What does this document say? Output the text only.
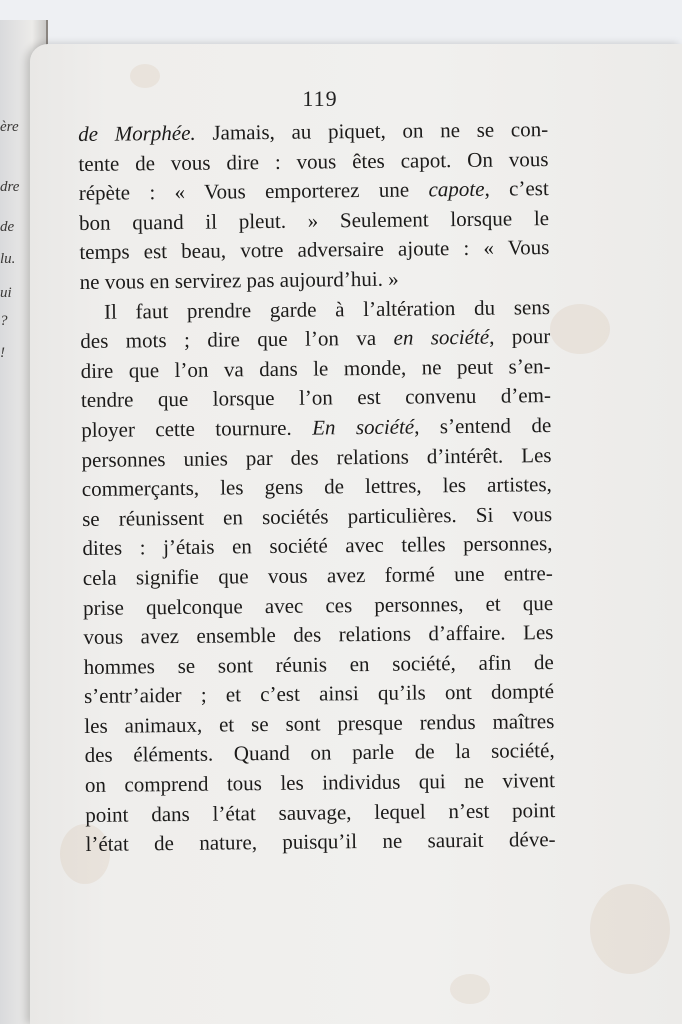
ère
dre
de
lu.
ui
?
!
119
de Morphée. Jamais, au piquet, on ne se con-
tente de vous dire : vous êtes capot. On vous
répète : « Vous emporterez une capote, c’est
bon quand il pleut. » Seulement lorsque le
temps est beau, votre adversaire ajoute : « Vous
ne vous en servirez pas aujourd’hui. »
Il faut prendre garde à l’altération du sens
des mots ; dire que l’on va en société, pour
dire que l’on va dans le monde, ne peut s’en-
tendre que lorsque l’on est convenu d’em-
ployer cette tournure. En société, s’entend de
personnes unies par des relations d’intérêt. Les
commerçants, les gens de lettres, les artistes,
se réunissent en sociétés particulières. Si vous
dites : j’étais en société avec telles personnes,
cela signifie que vous avez formé une entre-
prise quelconque avec ces personnes, et que
vous avez ensemble des relations d’affaire. Les
hommes se sont réunis en société, afin de
s’entr’aider ; et c’est ainsi qu’ils ont dompté
les animaux, et se sont presque rendus maîtres
des éléments. Quand on parle de la société,
on comprend tous les individus qui ne vivent
point dans l’état sauvage, lequel n’est point
l’état de nature, puisqu’il ne saurait déve-
